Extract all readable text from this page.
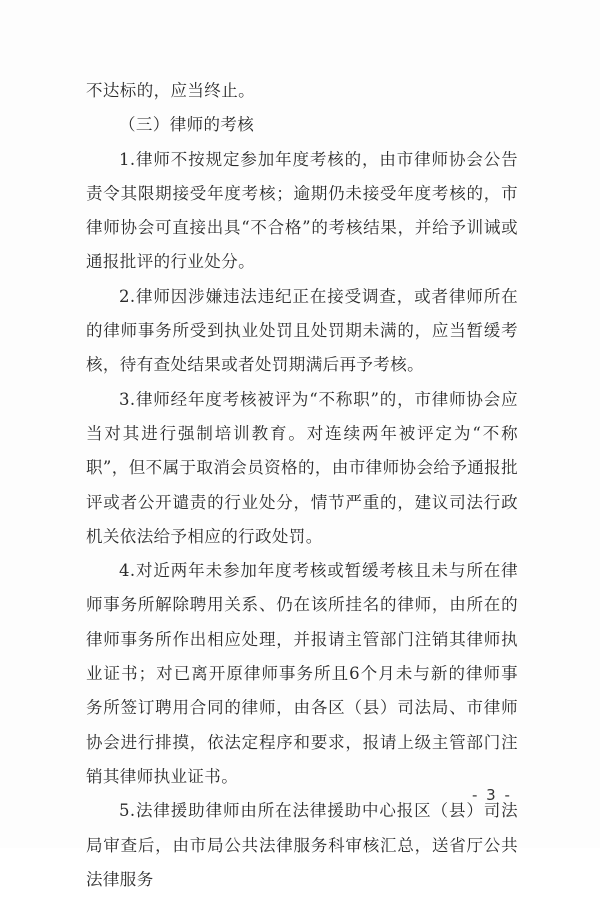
不达标的，应当终止。

（三）律师的考核

1.律师不按规定参加年度考核的，由市律师协会公告责令其限期接受年度考核；逾期仍未接受年度考核的，市律师协会可直接出具“不合格”的考核结果，并给予训诫或通报批评的行业处分。

2.律师因涉嫌违法违纪正在接受调查，或者律师所在的律师事务所受到执业处罚且处罚期未满的，应当暂缓考核，待有查处结果或者处罚期满后再予考核。

3.律师经年度考核被评为“不称职”的，市律师协会应当对其进行强制培训教育。对连续两年被评定为“不称职”，但不属于取消会员资格的，由市律师协会给予通报批评或者公开谴责的行业处分，情节严重的，建议司法行政机关依法给予相应的行政处罚。

4.对近两年未参加年度考核或暂缓考核且未与所在律师事务所解除聘用关系、仍在该所挂名的律师，由所在的律师事务所作出相应处理，并报请主管部门注销其律师执业证书；对已离开原律师事务所且6个月未与新的律师事务所签订聘用合同的律师，由各区（县）司法局、市律师协会进行排摸，依法定程序和要求，报请上级主管部门注销其律师执业证书。

5.法律援助律师由所在法律援助中心报区（县）司法局审查后，由市局公共法律服务科审核汇总，送省厅公共法律服务

- 3 -
